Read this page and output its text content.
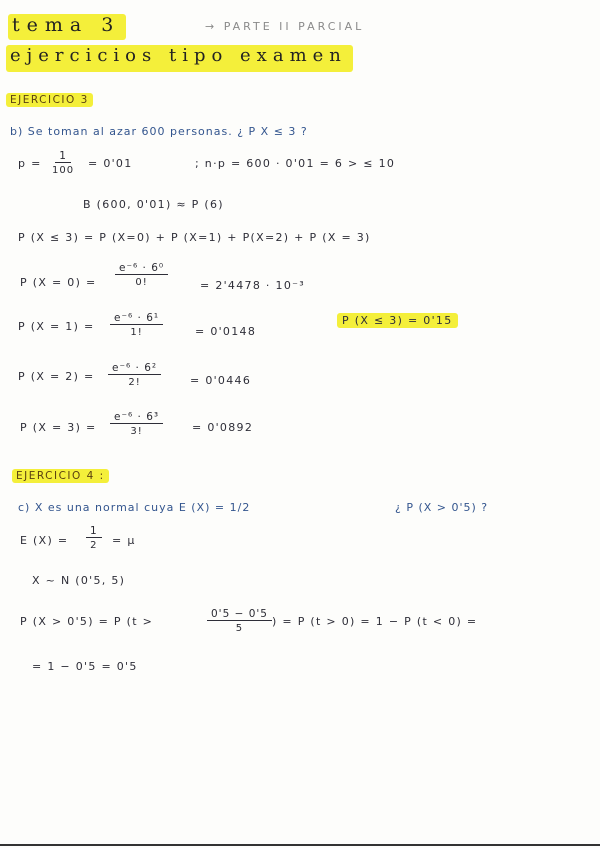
tema 3	→ PARTE II PARCIAL
ejercicios tipo examen
EJERCICIO 3
b) Se toman al azar 600 personas. ¿ P X ≤ 3 ?
$p = \frac{1}{100} = 0'01$	; n·p = 600 · 0'01 = 6 > ≤ 10
B (600, 0'01) ≈ P (6)
P (X ≤ 3) = P (X=0) + P (X=1) + P(X=2) + P (X = 3)
P $(X = 0) = \frac{\text{e⁻⁶ · 6⁰}}{0!}$	= 2'4478 · 10⁻³
P $(X = 1) = \frac{\text{e⁻⁶ · 6¹}}{1!}$	= 0'0148
P (X ≤ 3) = 0'15
P $(X = 2) = \frac{\text{e⁻⁶ · 6²}}{2!}$	= 0'0446
P $(X = 3) = \frac{\text{e⁻⁶ · 6³}}{3!}$	= 0'0892
EJERCICIO 4 :
c) X es una normal cuya E (X) = 1/2	¿ P (X > 0'5) ?
E $(X) = \frac{1}{2} = \mu$
X ~ N (0'5, 5)
P (X > 0'5) = P (t >	$\frac{0'5 - 0'5}{5}$ ) = P (t > 0) = 1 − P (t < 0) =
= 1 − 0'5 = 0'5
